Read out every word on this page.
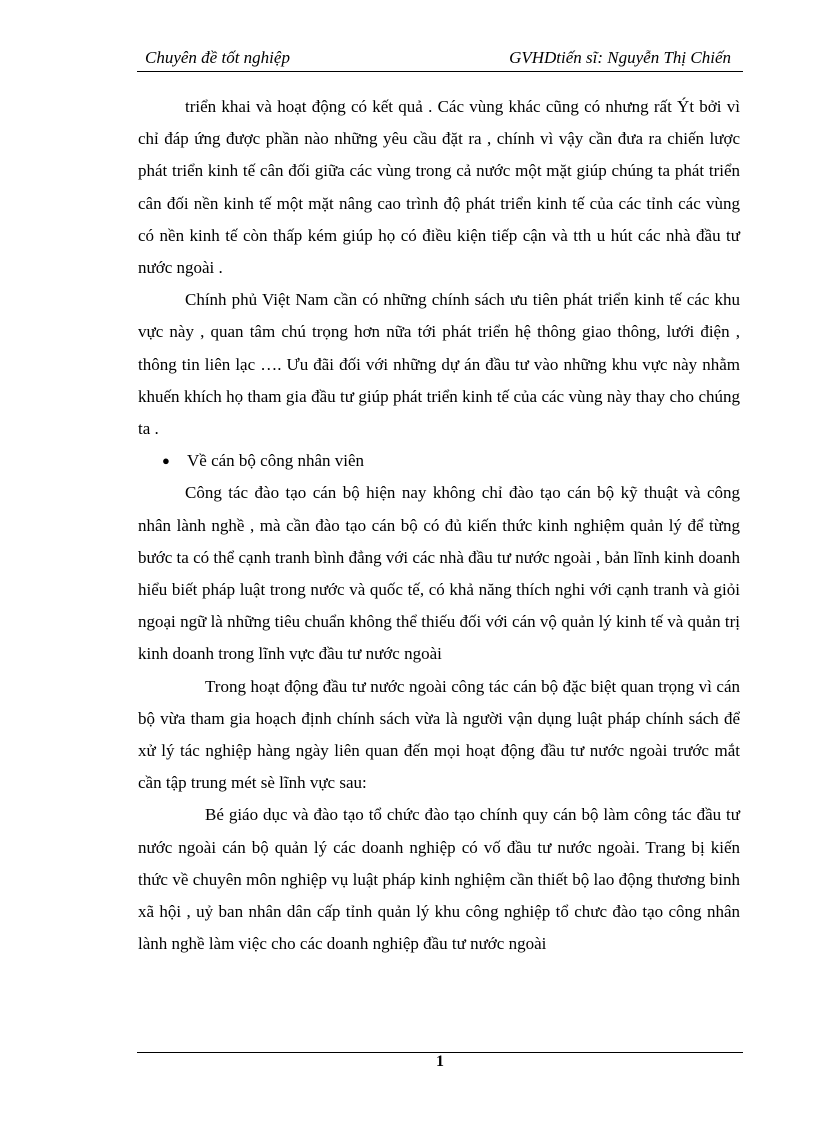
Chuyên đề tốt nghiệp	GVHDtiến sĩ: Nguyễn Thị Chiến

triển khai và hoạt động có kết quả . Các vùng khác cũng có nhưng rất Ýt bởi vì chỉ đáp ứng được phần nào những yêu cầu đặt ra , chính vì vậy cần đưa ra chiến lược phát triển kinh tế cân đối giữa các vùng trong cả nước một mặt giúp chúng ta phát triển cân đối nền kinh tế một mặt nâng cao trình độ phát triển kinh tế của các tỉnh các vùng có nền kinh tế còn thấp kém giúp họ có điều kiện tiếp cận và tth u hút các nhà đầu tư nước ngoài .

Chính phủ Việt Nam cần có những chính sách ưu tiên phát triển kinh tế các khu vực này , quan tâm chú trọng hơn nữa tới phát triển hệ thông giao thông, lưới điện , thông tin liên lạc …. Ưu đãi đối với những dự án đầu tư vào những khu vực này nhằm khuến khích họ tham gia đầu tư giúp phát triển kinh tế của các vùng này thay cho chúng ta .

● Về cán bộ công nhân viên

Công tác đào tạo cán bộ hiện nay không chỉ đào tạo cán bộ kỹ thuật và công nhân lành nghề , mà cần đào tạo cán bộ có đủ kiến thức kinh nghiệm quản lý để từng bước ta có thể cạnh tranh bình đẳng với các nhà đầu tư nước ngoài , bản lĩnh kinh doanh hiểu biết pháp luật trong nước và quốc tế, có khả năng thích nghi với cạnh tranh và giỏi ngoại ngữ là những tiêu chuẩn không thể thiếu đối với cán vộ quản lý kinh tế và quản trị kinh doanh trong lĩnh vực đầu tư nước ngoài

Trong hoạt động đầu tư nước ngoài công tác cán bộ đặc biệt quan trọng vì cán bộ vừa tham gia hoạch định chính sách vừa là người vận dụng luật pháp chính sách để xử lý tác nghiệp hàng ngày liên quan đến mọi hoạt động đầu tư nước ngoài trước mắt cần tập trung mét sè lĩnh vực sau:

Bé giáo dục và đào tạo tổ chức đào tạo chính quy cán bộ làm công tác đầu tư nước ngoài cán bộ quản lý các doanh nghiệp có vố đầu tư nước ngoài. Trang bị kiến thức về chuyên môn nghiệp vụ luật pháp kinh nghiệm cần thiết bộ lao động thương binh xã hội , uỷ ban nhân dân cấp tỉnh quản lý khu công nghiệp tổ chưc đào tạo công nhân lành nghề làm việc cho các doanh nghiệp đầu tư nước ngoài

1
